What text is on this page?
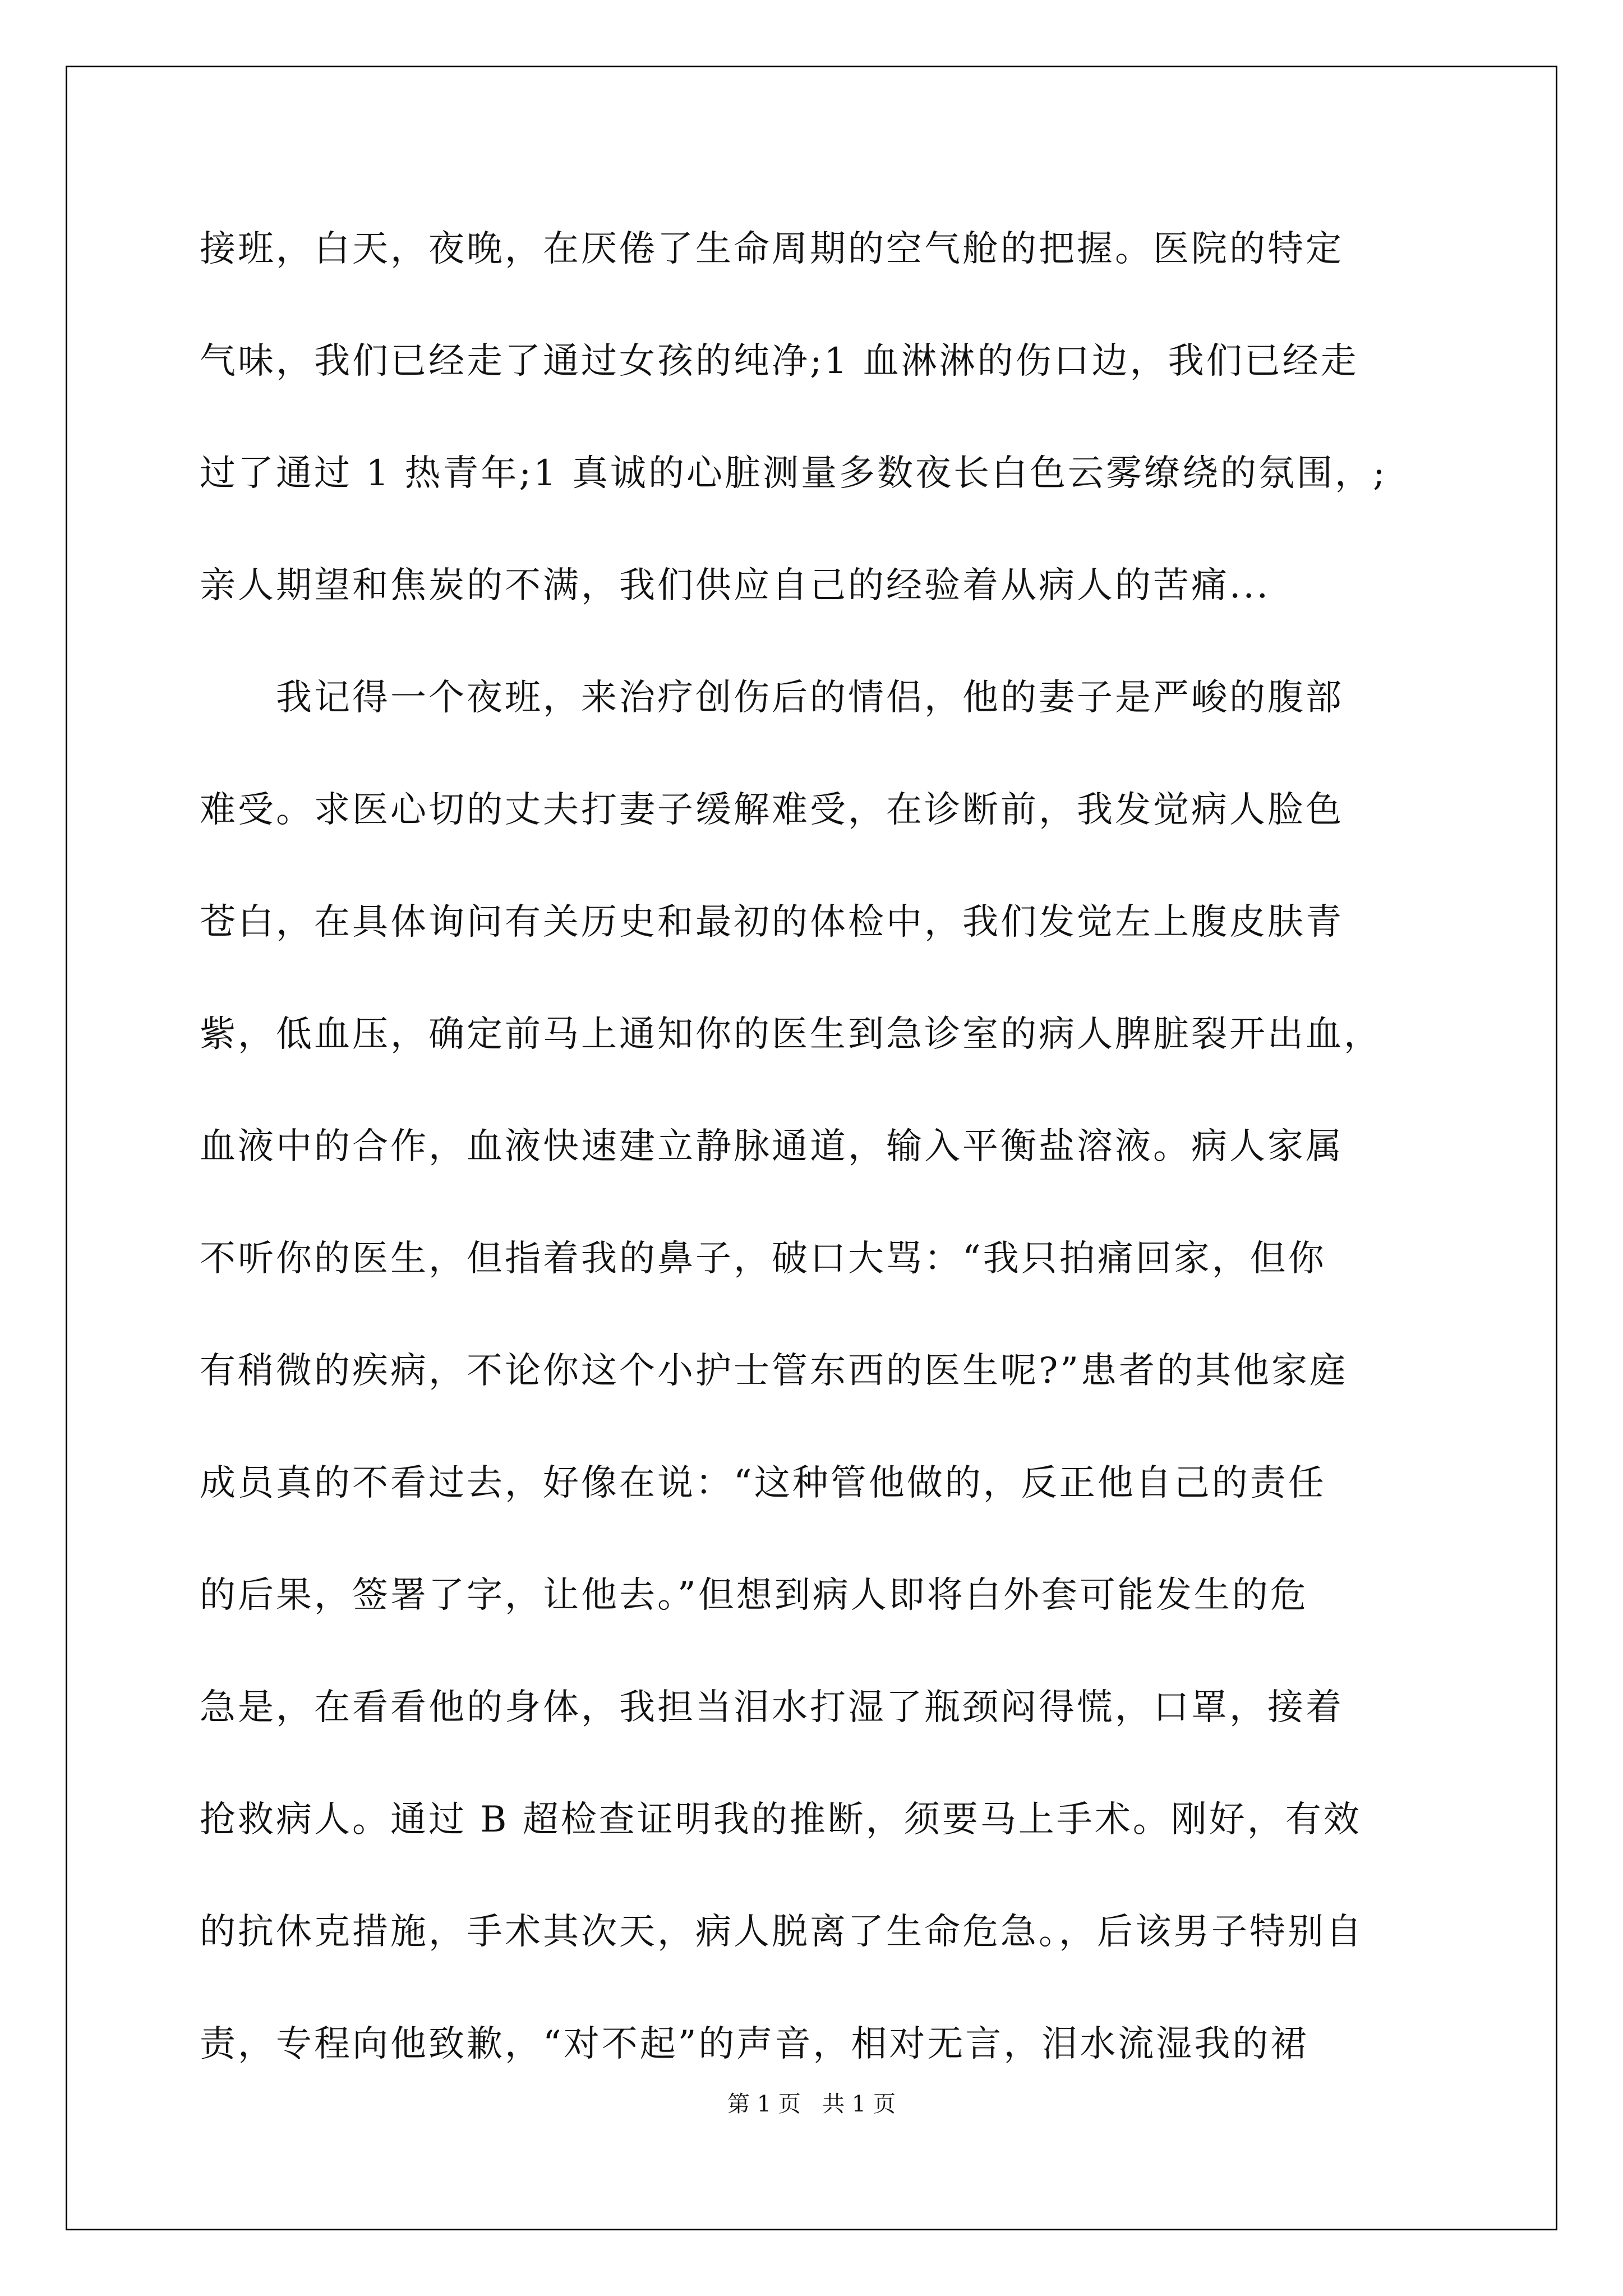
接班，白天，夜晚，在厌倦了生命周期的空气舱的把握。医院的特定
气味，我们已经走了通过女孩的纯净;1 血淋淋的伤口边，我们已经走
过了通过 1 热青年;1 真诚的心脏测量多数夜长白色云雾缭绕的氛围，;
亲人期望和焦炭的不满，我们供应自己的经验着从病人的苦痛...
　　我记得一个夜班，来治疗创伤后的情侣，他的妻子是严峻的腹部
难受。求医心切的丈夫打妻子缓解难受，在诊断前，我发觉病人脸色
苍白，在具体询问有关历史和最初的体检中，我们发觉左上腹皮肤青
紫，低血压，确定前马上通知你的医生到急诊室的病人脾脏裂开出血，
血液中的合作，血液快速建立静脉通道，输入平衡盐溶液。病人家属
不听你的医生，但指着我的鼻子，破口大骂：“我只拍痛回家，但你
有稍微的疾病，不论你这个小护士管东西的医生呢?”患者的其他家庭
成员真的不看过去，好像在说：“这种管他做的，反正他自己的责任
的后果，签署了字，让他去。”但想到病人即将白外套可能发生的危
急是，在看看他的身体，我担当泪水打湿了瓶颈闷得慌，口罩，接着
抢救病人。通过 B 超检查证明我的推断，须要马上手术。刚好，有效
的抗休克措施，手术其次天，病人脱离了生命危急。，后该男子特别自
责，专程向他致歉，“对不起”的声音，相对无言，泪水流湿我的裙
第 1 页   共 1 页
